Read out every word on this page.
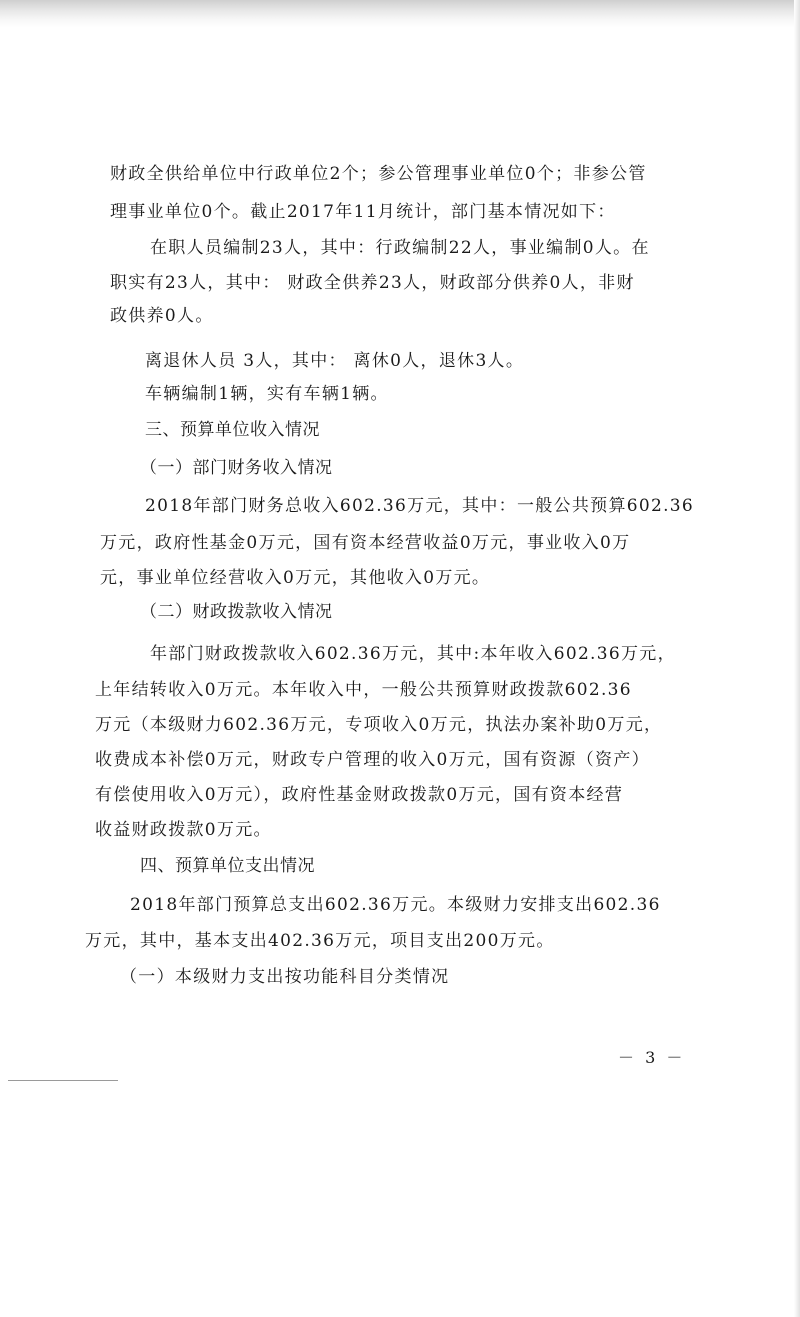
财政全供给单位中行政单位2个；参公管理事业单位0个；非参公管
理事业单位0个。截止2017年11月统计，部门基本情况如下：
在职人员编制23人，其中：行政编制22人，事业编制0人。在
职实有23人，其中： 财政全供养23人，财政部分供养0人，非财
政供养0人。
离退休人员 3人，其中： 离休0人，退休3人。
车辆编制1辆，实有车辆1辆。
三、预算单位收入情况
（一）部门财务收入情况
2018年部门财务总收入602.36万元，其中：一般公共预算602.36
万元，政府性基金0万元，国有资本经营收益0万元，事业收入0万
元，事业单位经营收入0万元，其他收入0万元。
（二）财政拨款收入情况
年部门财政拨款收入602.36万元，其中:本年收入602.36万元，
上年结转收入0万元。本年收入中，一般公共预算财政拨款602.36
万元（本级财力602.36万元，专项收入0万元，执法办案补助0万元，
收费成本补偿0万元，财政专户管理的收入0万元，国有资源（资产）
有偿使用收入0万元），政府性基金财政拨款0万元，国有资本经营
收益财政拨款0万元。
四、预算单位支出情况
2018年部门预算总支出602.36万元。本级财力安排支出602.36
万元，其中，基本支出402.36万元，项目支出200万元。
（一）本级财力支出按功能科目分类情况
－ 3 －
